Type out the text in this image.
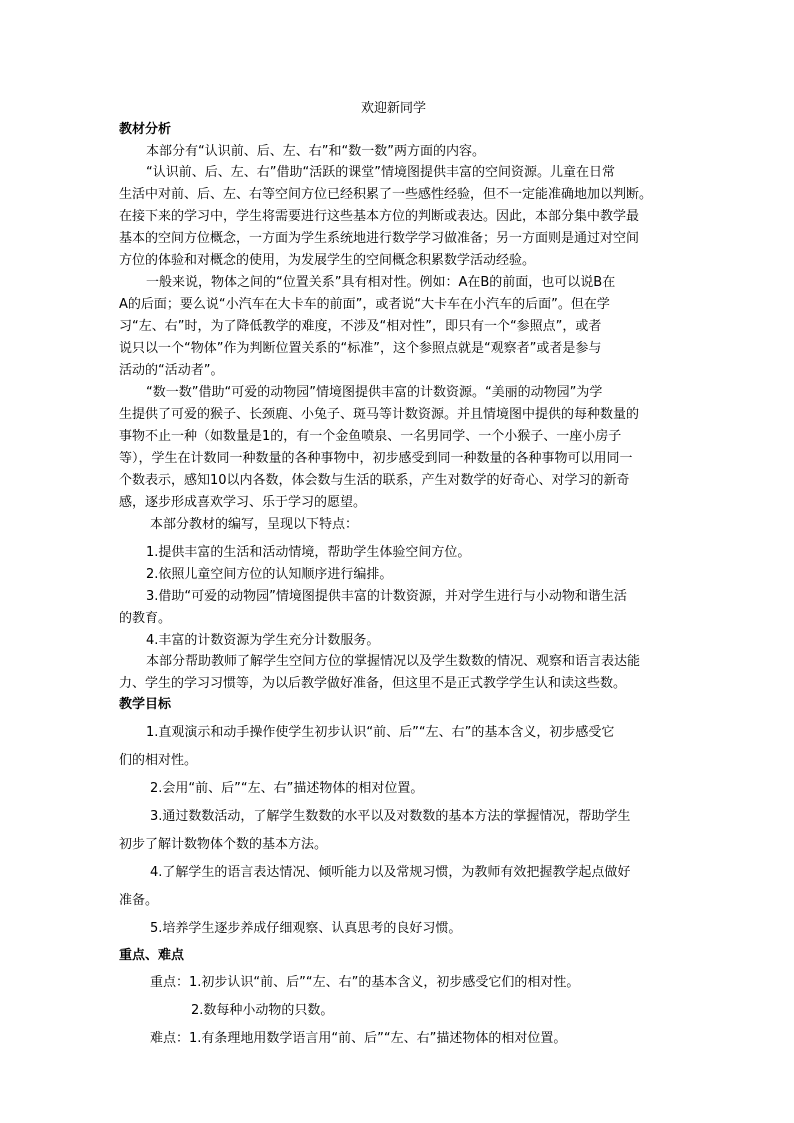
欢迎新同学
教材分析
本部分有“认识前、后、左、右”和“数一数”两方面的内容。
“认识前、后、左、右”借助“活跃的课堂”情境图提供丰富的空间资源。儿童在日常
生活中对前、后、左、右等空间方位已经积累了一些感性经验，但不一定能准确地加以判断。
在接下来的学习中，学生将需要进行这些基本方位的判断或表达。因此，本部分集中教学最
基本的空间方位概念，一方面为学生系统地进行数学学习做准备；另一方面则是通过对空间
方位的体验和对概念的使用，为发展学生的空间概念积累数学活动经验。
一般来说，物体之间的“位置关系”具有相对性。例如：A在B的前面，也可以说B在
A的后面；要么说“小汽车在大卡车的前面”，或者说“大卡车在小汽车的后面”。但在学
习“左、右”时，为了降低教学的难度，不涉及“相对性”，即只有一个“参照点”，或者
说只以一个“物体”作为判断位置关系的“标准”，这个参照点就是“观察者”或者是参与
活动的“活动者”。
“数一数”借助“可爱的动物园”情境图提供丰富的计数资源。“美丽的动物园”为学
生提供了可爱的猴子、长颈鹿、小兔子、斑马等计数资源。并且情境图中提供的每种数量的
事物不止一种（如数量是1的，有一个金鱼喷泉、一名男同学、一个小猴子、一座小房子
等），学生在计数同一种数量的各种事物中，初步感受到同一种数量的各种事物可以用同一
个数表示，感知10以内各数，体会数与生活的联系，产生对数学的好奇心、对学习的新奇
感，逐步形成喜欢学习、乐于学习的愿望。
本部分教材的编写，呈现以下特点：
1.提供丰富的生活和活动情境，帮助学生体验空间方位。
2.依照儿童空间方位的认知顺序进行编排。
3.借助“可爱的动物园”情境图提供丰富的计数资源，并对学生进行与小动物和谐生活
的教育。
4.丰富的计数资源为学生充分计数服务。
本部分帮助教师了解学生空间方位的掌握情况以及学生数数的情况、观察和语言表达能
力、学生的学习习惯等，为以后教学做好准备，但这里不是正式教学学生认和读这些数。
教学目标
1.直观演示和动手操作使学生初步认识“前、后”“左、右”的基本含义，初步感受它
们的相对性。
2.会用“前、后”“左、右”描述物体的相对位置。
3.通过数数活动，了解学生数数的水平以及对数数的基本方法的掌握情况，帮助学生
初步了解计数物体个数的基本方法。
4.了解学生的语言表达情况、倾听能力以及常规习惯，为教师有效把握教学起点做好
准备。
5.培养学生逐步养成仔细观察、认真思考的良好习惯。
重点、难点
重点：1.初步认识“前、后”“左、右”的基本含义，初步感受它们的相对性。
2.数每种小动物的只数。
难点：1.有条理地用数学语言用“前、后”“左、右”描述物体的相对位置。
